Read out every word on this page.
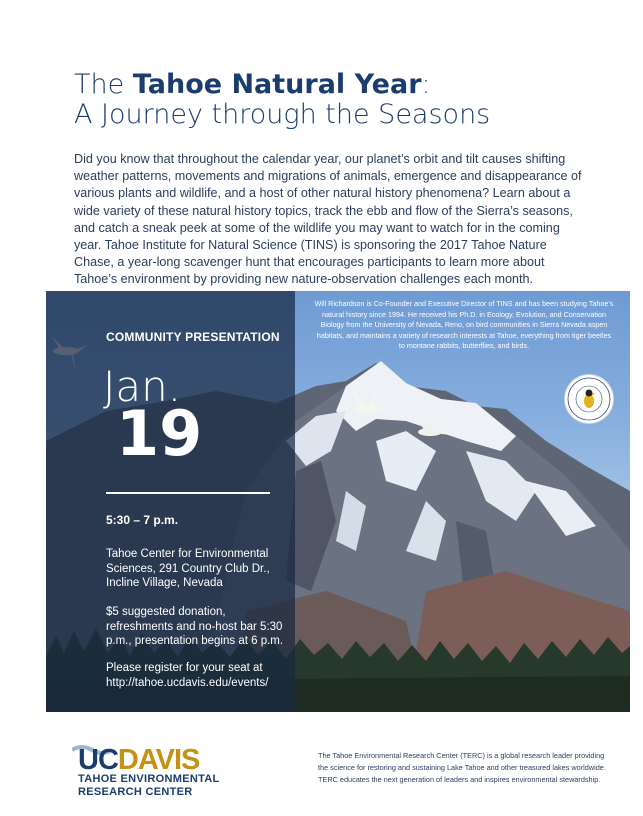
The Tahoe Natural Year:
A Journey through the Seasons

Did you know that throughout the calendar year, our planet’s orbit and tilt causes shifting weather patterns, movements and migrations of animals, emergence and disappearance of various plants and wildlife, and a host of other natural history phenomena? Learn about a wide variety of these natural history topics, track the ebb and flow of the Sierra’s seasons, and catch a sneak peek at some of the wildlife you may want to watch for in the coming year. Tahoe Institute for Natural Science (TINS) is sponsoring the 2017 Tahoe Nature Chase, a year-long scavenger hunt that encourages participants to learn more about Tahoe’s environment by providing new nature-observation challenges each month.

COMMUNITY PRESENTATION
Jan.
19
5:30 – 7 p.m.

Tahoe Center for Environmental Sciences, 291 Country Club Dr., Incline Village, Nevada

$5 suggested donation, refreshments and no-host bar 5:30 p.m., presentation begins at 6 p.m.

Please register for your seat at http://tahoe.ucdavis.edu/events/

Will Richardson is Co-Founder and Executive Director of TINS and has been studying Tahoe’s natural history since 1994. He received his Ph.D. in Ecology, Evolution, and Conservation Biology from the University of Nevada, Reno, on bird communities in Sierra Nevada aspen habitats, and maintains a variety of research interests at Tahoe, everything from tiger beetles to montane rabbits, butterflies, and birds.

UCDAVIS
TAHOE ENVIRONMENTAL
RESEARCH CENTER

The Tahoe Environmental Research Center (TERC) is a global research leader providing the science for restoring and sustaining Lake Tahoe and other treasured lakes worldwide. TERC educates the next generation of leaders and inspires environmental stewardship.
